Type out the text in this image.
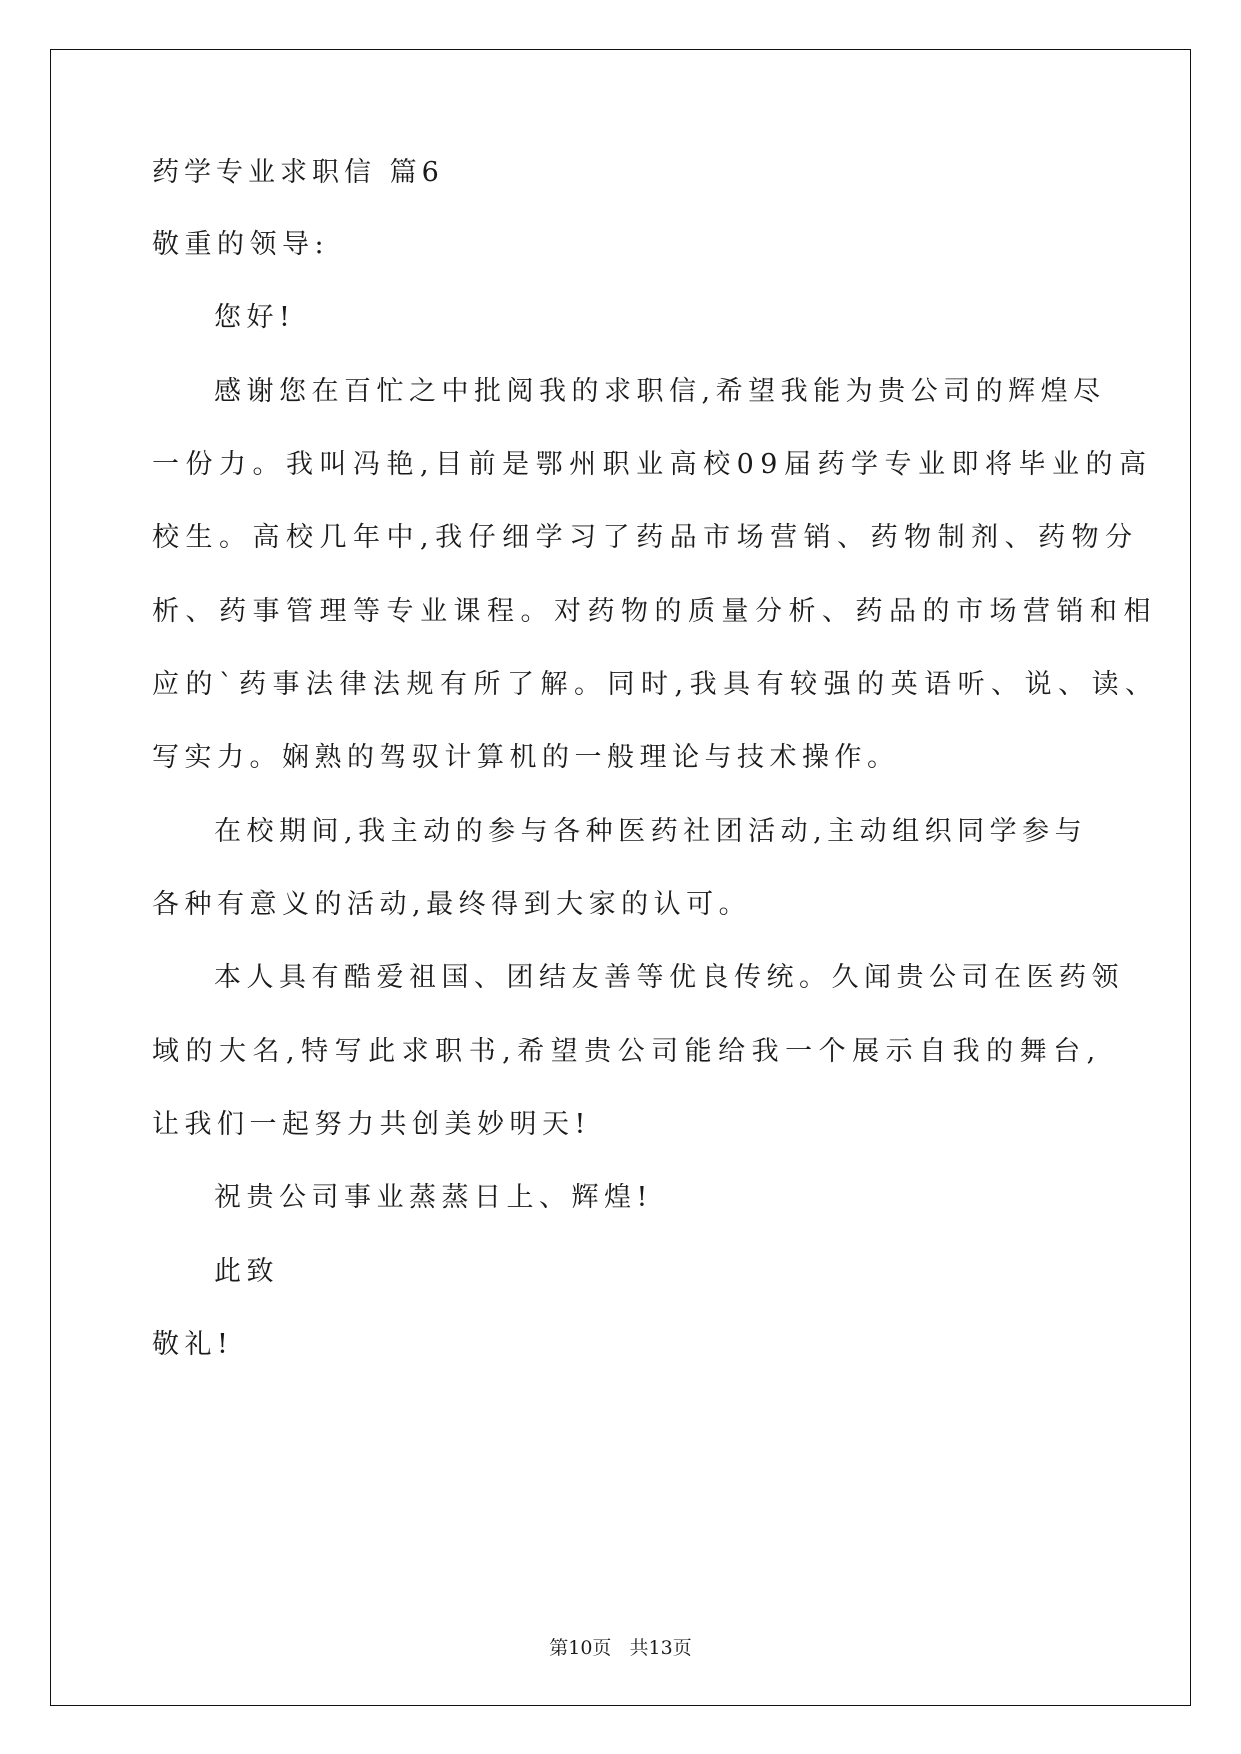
药学专业求职信 篇6

敬重的领导:

您好!

感谢您在百忙之中批阅我的求职信,希望我能为贵公司的辉煌尽

一份力。我叫冯艳,目前是鄂州职业高校09届药学专业即将毕业的高

校生。高校几年中,我仔细学习了药品市场营销、药物制剂、药物分

析、药事管理等专业课程。对药物的质量分析、药品的市场营销和相

应的`药事法律法规有所了解。同时,我具有较强的英语听、说、读、

写实力。娴熟的驾驭计算机的一般理论与技术操作。

在校期间,我主动的参与各种医药社团活动,主动组织同学参与

各种有意义的活动,最终得到大家的认可。

本人具有酷爱祖国、团结友善等优良传统。久闻贵公司在医药领

域的大名,特写此求职书,希望贵公司能给我一个展示自我的舞台,

让我们一起努力共创美妙明天!

祝贵公司事业蒸蒸日上、辉煌!

此致

敬礼!

第10页   共13页
